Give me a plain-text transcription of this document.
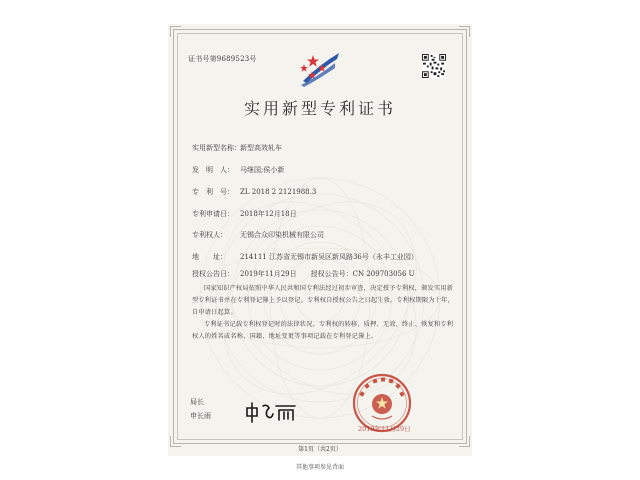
证书号第9689523号
实用新型专利证书
实用新型名称：新型高效轧车
发　明　人： 马继国;侯小新
专　利　号： ZL 2018 2 2121988.3
专利申请日： 2018年12月18日
专利权人： 无锡合众印染机械有限公司
地　　址： 214111 江苏省无锡市新吴区新凤路36号（永丰工业园）
授权公告日： 2019年11月29日 授权公告号：CN 209703056 U

国家知识产权局依照中华人民共和国专利法经过初步审查，决定授予专利权，颁发实用新型专利证书并在专利登记簿上予以登记。专利权自授权公告之日起生效。专利权期限为十年，自申请日起算。

专利证书记载专利权登记时的法律状况。专利权的转移、质押、无效、终止、恢复和专利权人的姓名或名称、国籍、地址变更等事项记载在专利登记簿上。

局长
申长雨
2019年11月29日
第1页（共2页）
其他事项参见背面
